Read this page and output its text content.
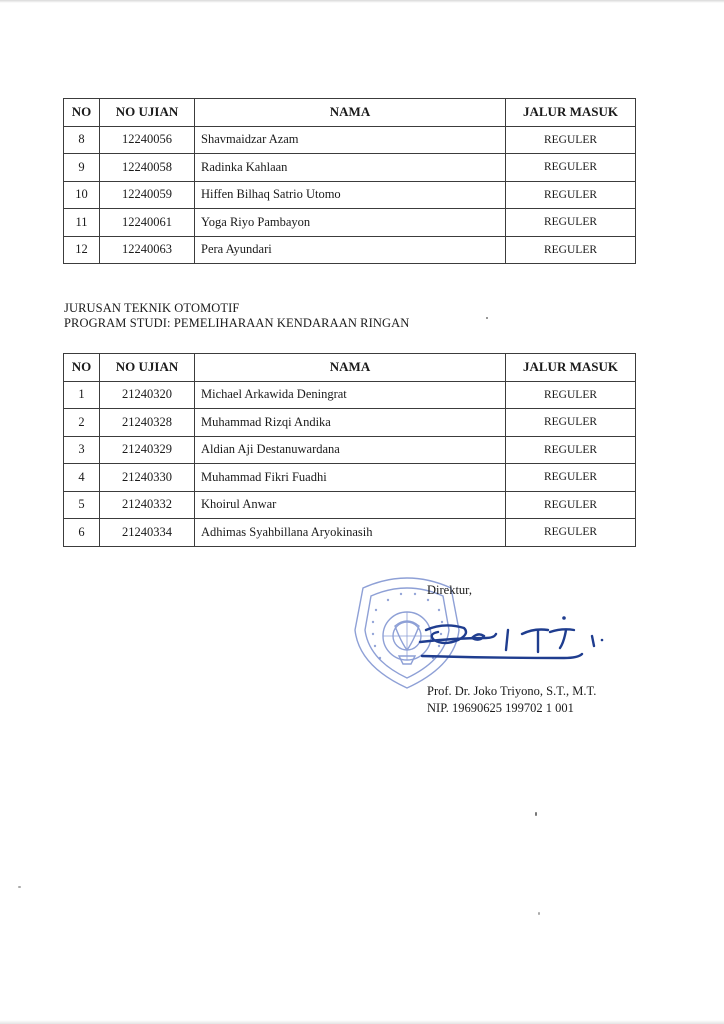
NO	NO UJIAN	NAMA	JALUR MASUK
8	12240056	Shavmaidzar Azam	REGULER
9	12240058	Radinka Kahlaan	REGULER
10	12240059	Hiffen Bilhaq Satrio Utomo	REGULER
11	12240061	Yoga Riyo Pambayon	REGULER
12	12240063	Pera Ayundari	REGULER
JURUSAN TEKNIK OTOMOTIF
PROGRAM STUDI: PEMELIHARAAN KENDARAAN RINGAN
NO	NO UJIAN	NAMA	JALUR MASUK
1	21240320	Michael Arkawida Deningrat	REGULER
2	21240328	Muhammad Rizqi Andika	REGULER
3	21240329	Aldian Aji Destanuwardana	REGULER
4	21240330	Muhammad Fikri Fuadhi	REGULER
5	21240332	Khoirul Anwar	REGULER
6	21240334	Adhimas Syahbillana Aryokinasih	REGULER
Direktur,
Prof. Dr. Joko Triyono, S.T., M.T.
NIP. 19690625 199702 1 001
